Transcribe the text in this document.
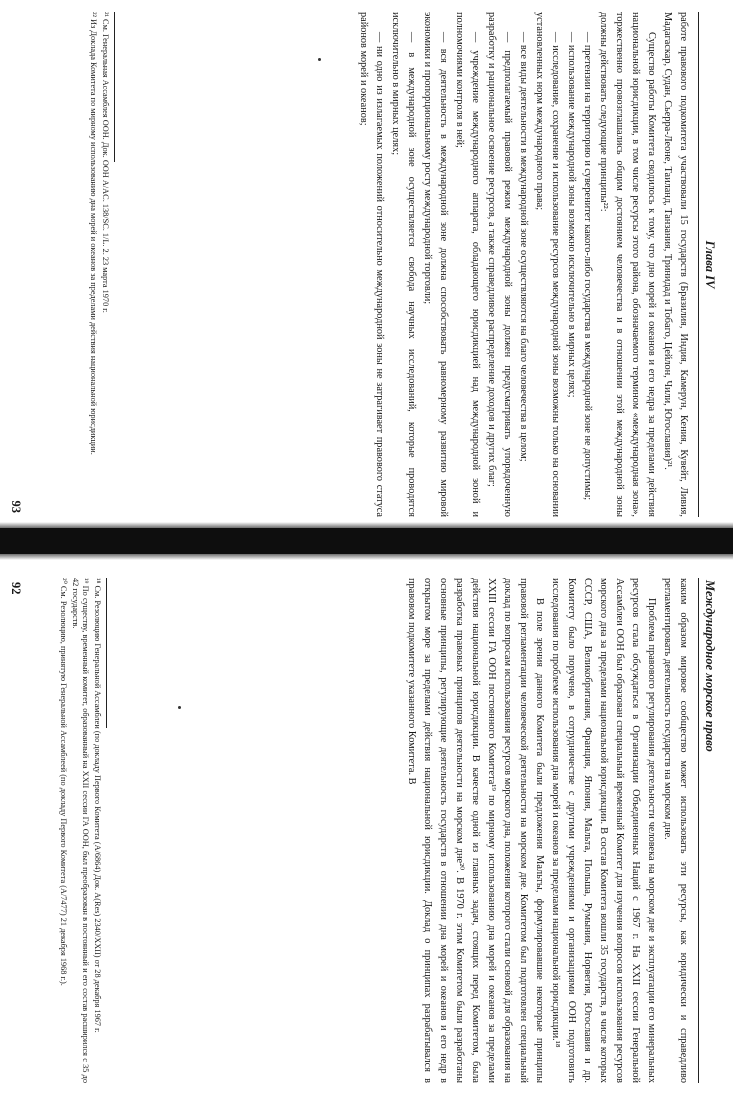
Глава IV

работе правового подкомитета участвовали 15 государств (Бразилия, Индия, Камерун, Кения, Кувейт, Ливия, Мадагаскар, Судан, Сьерра-Леоне, Таиланд, Танзания, Тринидад и Тобаго, Цейлон, Чили, Югославия)²¹.

Существо работы Комитета сводилось к тому, что дно морей и океанов и его недра за пределами действия национальной юрисдикции, в том числе ресурсы этого района, обозначаемого термином «международная зона», торжественно провозглашались общим достоянием человечества и в отношении этой международной зоны должны действовать следующие принципы²²:

— претензии на территорию и суверенитет какого-либо государства в международной зоне не допустимы;

— использование международной зоны возможно исключительно в мирных целях;

— исследование, сохранение и использование ресурсов международной зоны возможны только на основании установленных норм международного права;

— все виды деятельности в международной зоне осуществляются на благо человечества в целом;

— предполагаемый правовой режим международной зоны должен предусматривать упорядоченную разработку и рациональное освоение ресурсов, а также справедливое распределение доходов и других благ;

— учреждение международного аппарата, обладающего юрисдикцией над международной зоной и полномочиями контроля в ней;

— вся деятельность в международной зоне должна способствовать равномерному развитию мировой экономики и пропорциональному росту международной торговли;

— в международной зоне осуществляется свобода научных исследований, которые проводятся исключительно в мирных целях;

— ни одно из излагаемых положений относительно международной зоны не затрагивает правового статуса районов морей и океанов;

²¹ См. Генеральная Ассамблея ООН. Док. ООН A/AC. 138/SC. 1/L. 2. 23 марта 1970 г.

²² Из Доклада Комитета по мирному использованию дна морей и океанов за пределами действия национальной юрисдикции.

93
Международное морское право

каким образом мировое сообщество может использовать эти ресурсы, как юридически и справедливо регламентировать деятельность государств на морском дне.

Проблема правового регулирования деятельности человека на морском дне и эксплуатации его минеральных ресурсов стала обсуждаться в Организации Объединенных Наций с 1967 г. На XXII сессии Генеральной Ассамблеи ООН был образован специальный временный Комитет для изучения вопросов использования ресурсов морского дна за пределами национальной юрисдикции. В состав Комитета вошли 35 государств, в числе которых СССР, США, Великобритания, Франция, Япония, Мальта, Польша, Румыния, Норвегия, Югославия и др. Комитету было поручено, в сотрудничестве с другими учреждениями и организациями ООН подготовить исследования по проблеме использования дна морей и океанов за пределами национальной юрисдикции.¹⁸

В поле зрения данного Комитета были предложения Мальты, формулировавшие некоторые принципы правовой регламентации человеческой деятельности на морском дне. Комитетом был подготовлен специальный доклад по вопросам использования ресурсов морского дна, положения которого стали основой для образования на XXIII сессии ГА ООН постоянного Комитета¹⁹ по мирному использованию дна морей и океанов за пределами действия национальной юрисдикции. В качестве одной из главных задач, стоящих перед Комитетом, была разработка правовых принципов деятельности на морском дне²⁰. В 1970 г. этим Комитетом были разработаны основные принципы, регулирующие деятельность государств в отношении дна морей и океанов и его недр в открытом море за пределами действия национальной юрисдикции. Доклад о принципах разрабатывался в правовом подкомитете указанного Комитета. В

¹⁸ См. Резолюцию Генеральной Ассамблеи (по докладу Первого Комитета (A/6864) Док. A(Res) 2340/XXII) от 28 декабря 1967 г.

¹⁹ По существу, временный комитет, образованный на XXII сессии ГА ООН, был преобразован в постоянный и его состав расширился с 35 до 42 государств.

²⁰ См. Резолюцию, принятую Генеральной Ассамблеей (по докладу Первого Комитета (A/7477) 21 декабря 1968 г.).

92
